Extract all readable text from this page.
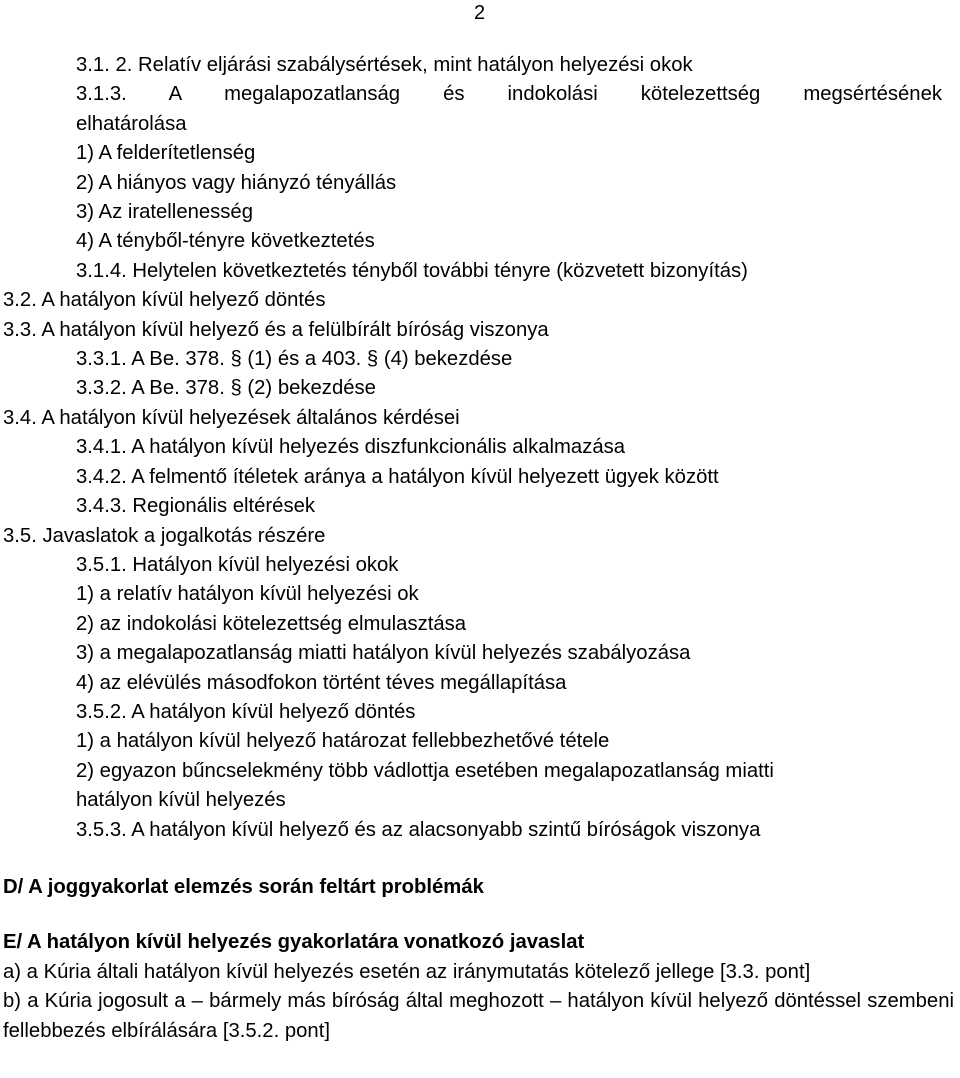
2

3.1. 2. Relatív eljárási szabálysértések, mint hatályon helyezési okok

3.1.3. A megalapozatlanság és indokolási kötelezettség megsértésének

elhatárolása

1) A felderítetlenség

2) A hiányos vagy hiányzó tényállás

3) Az iratellenesség

4) A tényből-tényre következtetés

3.1.4. Helytelen következtetés tényből további tényre (közvetett bizonyítás)

3.2. A hatályon kívül helyező döntés

3.3. A hatályon kívül helyező és a felülbírált bíróság viszonya

3.3.1. A Be. 378. § (1) és a 403. § (4) bekezdése

3.3.2. A Be. 378. § (2) bekezdése

3.4. A hatályon kívül helyezések általános kérdései

3.4.1. A hatályon kívül helyezés diszfunkcionális alkalmazása

3.4.2. A felmentő ítéletek aránya a hatályon kívül helyezett ügyek között

3.4.3. Regionális eltérések

3.5. Javaslatok a jogalkotás részére

3.5.1. Hatályon kívül helyezési okok

1) a relatív hatályon kívül helyezési ok

2) az indokolási kötelezettség elmulasztása

3) a megalapozatlanság miatti hatályon kívül helyezés szabályozása

4) az elévülés másodfokon történt téves megállapítása

3.5.2. A hatályon kívül helyező döntés

1) a hatályon kívül helyező határozat fellebbezhetővé tétele

2) egyazon bűncselekmény több vádlottja esetében megalapozatlanság miatti

hatályon kívül helyezés

3.5.3. A hatályon kívül helyező és az alacsonyabb szintű bíróságok viszonya

D/ A joggyakorlat elemzés során feltárt problémák

E/ A hatályon kívül helyezés gyakorlatára vonatkozó javaslat

a) a Kúria általi hatályon kívül helyezés esetén az iránymutatás kötelező jellege [3.3. pont]

b) a Kúria jogosult a – bármely más bíróság által meghozott – hatályon kívül helyező döntéssel szembeni fellebbezés elbírálására [3.5.2. pont]
